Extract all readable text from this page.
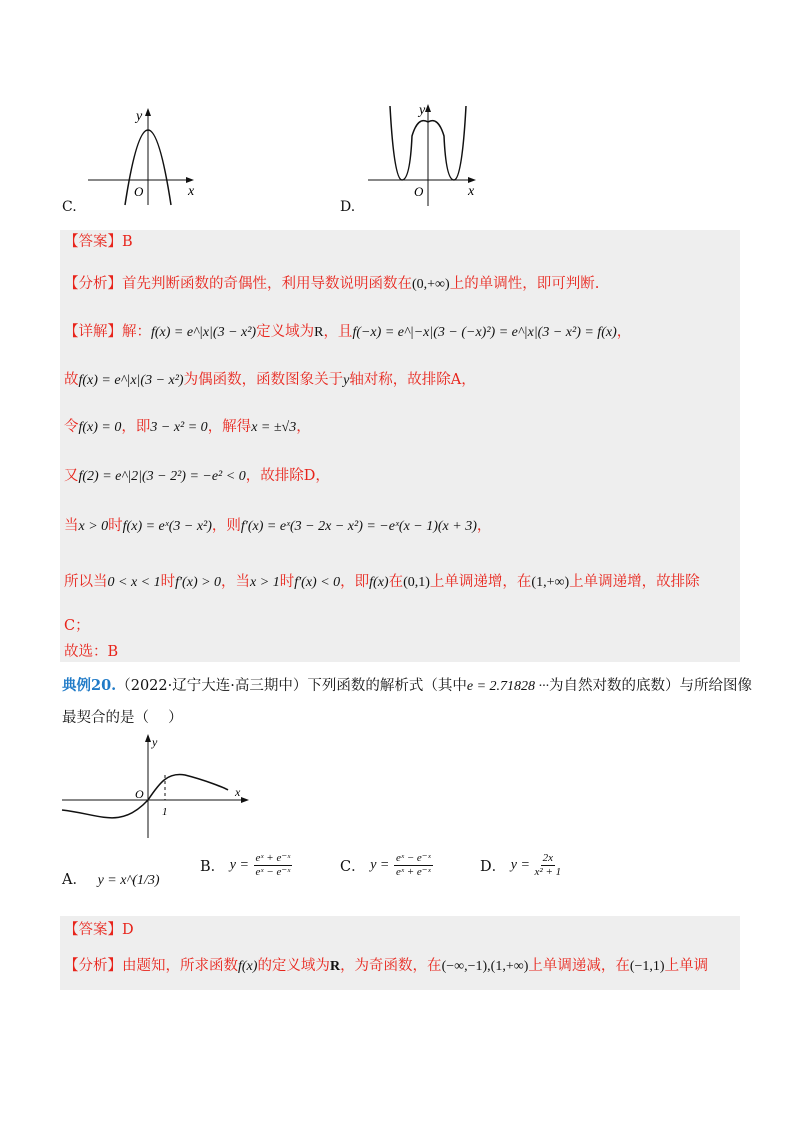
y
x
O
C.
y
x
O
D.
【答案】B
【分析】首先判断函数的奇偶性，利用导数说明函数在(0,+∞)上的单调性，即可判断.
【详解】解：f(x) = e^|x|(3 − x²)定义域为R，且f(−x) = e^|−x|(3 − (−x)²) = e^|x|(3 − x²) = f(x)，
故f(x) = e^|x|(3 − x²)为偶函数，函数图象关于y轴对称，故排除A，
令f(x) = 0，即3 − x² = 0，解得x = ±√3，
又f(2) = e^|2|(3 − 2²) = −e² < 0，故排除D，
当x > 0时f(x) = eˣ(3 − x²)，则f′(x) = eˣ(3 − 2x − x²) = −eˣ(x − 1)(x + 3)，
所以当0 < x < 1时f′(x) > 0，当x > 1时f′(x) < 0，即f(x)在(0,1)上单调递增，在(1,+∞)上单调递增，故排除
C；
故选：B
典例20.（2022·辽宁大连·高三期中）下列函数的解析式（其中e = 2.71828 ···为自然对数的底数）与所给图像
最契合的是（　 ）
y
x
O
1
A． y = x^(1/3)
B． $y = \frac{\text{eˣ + e⁻ˣ}}{\text{eˣ − e⁻ˣ}}$	C． $y = \frac{\text{eˣ − e⁻ˣ}}{\text{eˣ + e⁻ˣ}}$	D． $y = \frac{2x}{\text{x² + 1}}$
【答案】D
【分析】由题知，所求函数f(x)的定义域为R，为奇函数，在(−∞,−1),(1,+∞)上单调递减，在(−1,1)上单调
